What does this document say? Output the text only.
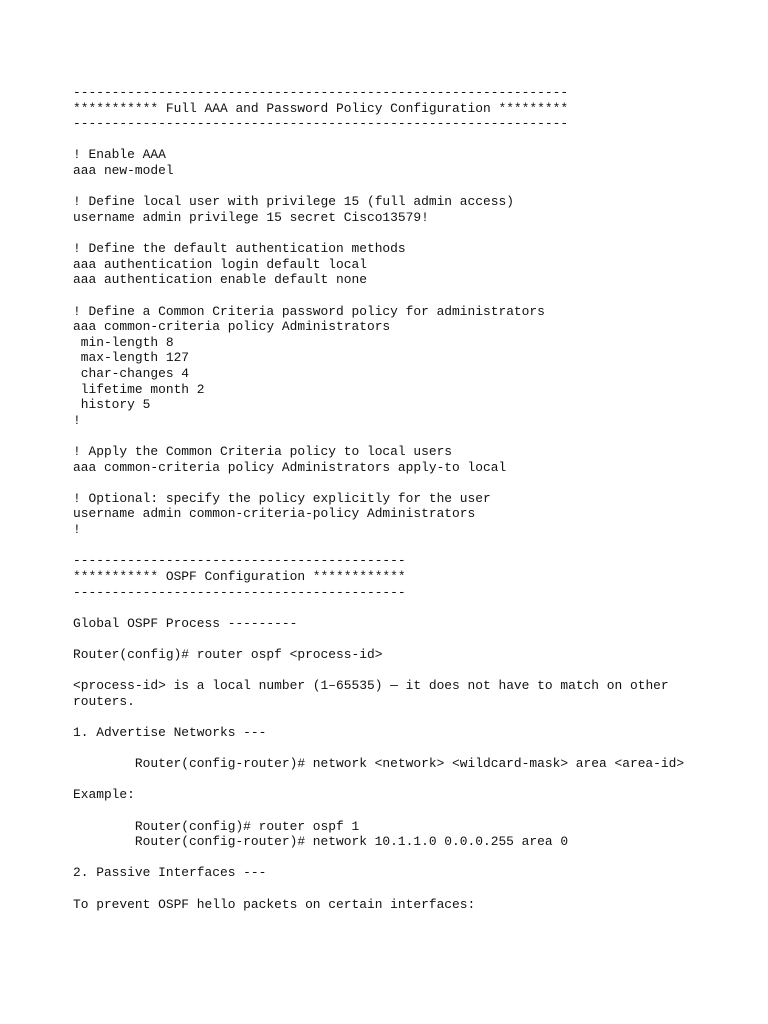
----------------------------------------------------------------
*********** Full AAA and Password Policy Configuration *********
----------------------------------------------------------------
! Enable AAA
aaa new-model
! Define local user with privilege 15 (full admin access)
username admin privilege 15 secret Cisco13579!
! Define the default authentication methods
aaa authentication login default local
aaa authentication enable default none
! Define a Common Criteria password policy for administrators
aaa common-criteria policy Administrators
min-length 8
max-length 127
char-changes 4
lifetime month 2
history 5
!
! Apply the Common Criteria policy to local users
aaa common-criteria policy Administrators apply-to local
! Optional: specify the policy explicitly for the user
username admin common-criteria-policy Administrators
!
-------------------------------------------
*********** OSPF Configuration ************
-------------------------------------------
Global OSPF Process ---------
Router(config)# router ospf <process-id>
<process-id> is a local number (1–65535) — it does not have to match on other
routers.
1. Advertise Networks ---
Router(config-router)# network <network> <wildcard-mask> area <area-id>
Example:
Router(config)# router ospf 1
Router(config-router)# network 10.1.1.0 0.0.0.255 area 0
2. Passive Interfaces ---
To prevent OSPF hello packets on certain interfaces:
